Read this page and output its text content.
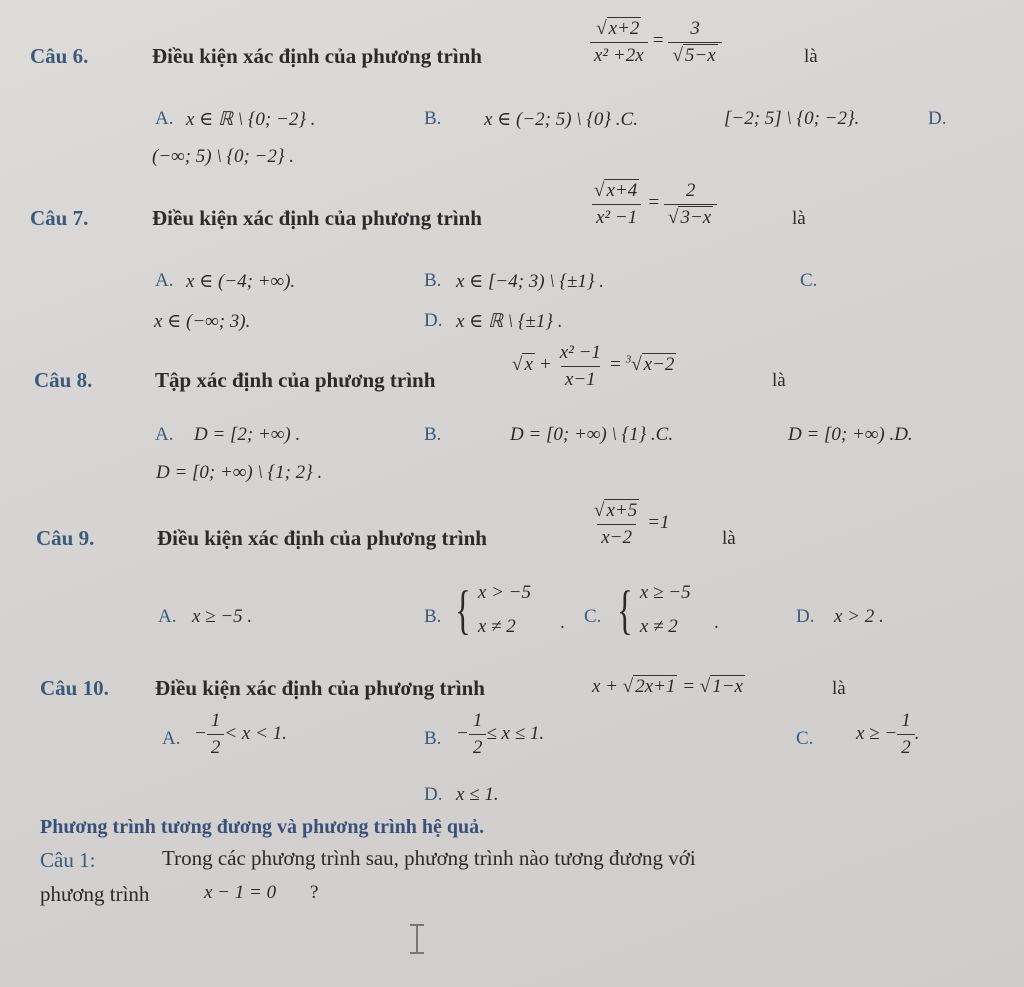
Câu 6.	Điều kiện xác định của phương trình	$\frac{√ x+2}{\text{x² +2x}} = \frac{3}{√ 5-x}$	là
A. x ∈ ℝ \ {0; −2} .	B. x ∈ (−2; 5) \ {0} .C.	[−2; 5] \ {0; −2}.	D.
(−∞; 5) \ {0; −2} .
Câu 7.	Điều kiện xác định của phương trình	$\frac{√ x+4}{\text{x² −1}} = \frac{2}{√ 3-x}$	là
A. x ∈ (−4; +∞).	B. x ∈ [−4; 3) \ {±1} .	C.
x ∈ (−∞; 3).	D. x ∈ ℝ \ {±1} .
Câu 8.	Tập xác định của phương trình
√ $x + \frac{\text{x² −1}}{x-1} = ^3√$ x−2
là
A. D = [2; +∞) .	B.	D = [0; +∞) \ {1} .C.	D = [0; +∞) .D.
D = [0; +∞) \ {1; 2} .
Câu 9.	Điều kiện xác định của phương trình	$\frac{√ x+5}{x-2} =1$
là
A. x ≥ −5 .	B. { x > −5
x ≠ 2	. C. { x ≥ −5
x ≠ 2	.	D. x > 2 .
Câu 10. Điều kiện xác định của phương trình	x + √ 2x+1 = √ 1−x	là
A. − $\frac{1}{2} < x < 1$.	B. − $\frac{1}{2} \le x \le 1$.	C. x ≥ − $\frac{1}{2}$ .
D. x ≤ 1.
Phương trình tương đương và phương trình hệ quả.
Câu 1:	Trong các phương trình sau, phương trình nào tương đương với
phương trình	x − 1 = 0 ?
